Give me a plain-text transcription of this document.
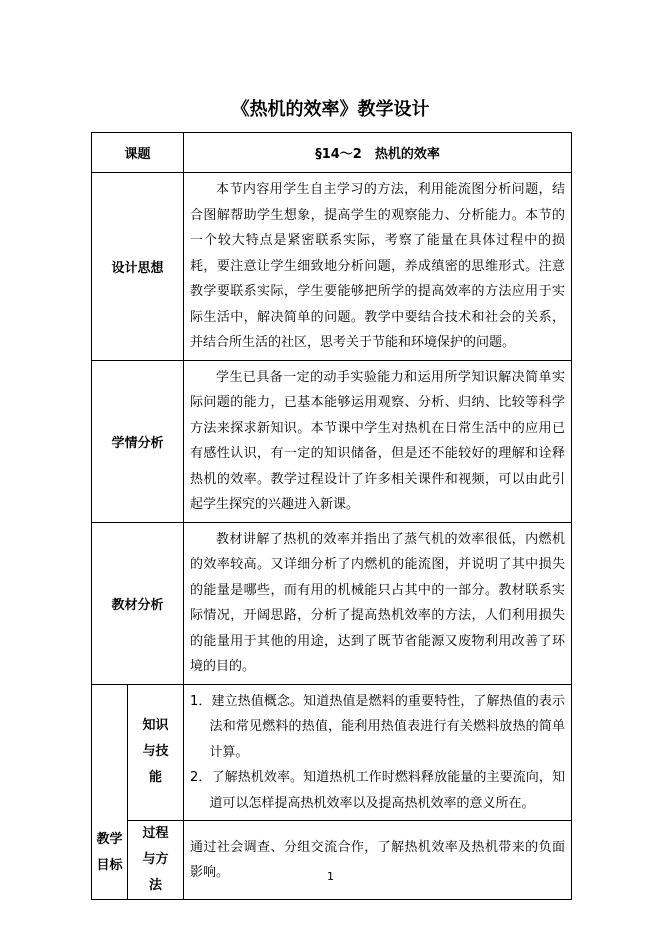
《热机的效率》教学设计
课题		§14～2　热机的效率
设计思想		本节内容用学生自主学习的方法，利用能流图分析问题，结合图解帮助学生想象，提高学生的观察能力、分析能力。本节的一个较大特点是紧密联系实际，考察了能量在具体过程中的损耗，要注意让学生细致地分析问题，养成缜密的思维形式。注意教学要联系实际，学生要能够把所学的提高效率的方法应用于实际生活中，解决简单的问题。教学中要结合技术和社会的关系，并结合所生活的社区，思考关于节能和环境保护的问题。

学情分析		学生已具备一定的动手实验能力和运用所学知识解决简单实际问题的能力，已基本能够运用观察、分析、归纳、比较等科学方法来探求新知识。本节课中学生对热机在日常生活中的应用已有感性认识，有一定的知识储备，但是还不能较好的理解和诠释热机的效率。教学过程设计了许多相关课件和视频，可以由此引起学生探究的兴趣进入新课。

教材分析		教材讲解了热机的效率并指出了蒸气机的效率很低，内燃机的效率较高。又详细分析了内燃机的能流图，并说明了其中损失的能量是哪些，而有用的机械能只占其中的一部分。教材联系实际情况，开阔思路，分析了提高热机效率的方法，人们利用损失的能量用于其他的用途，达到了既节省能源又废物利用改善了环境的目的。

教学目标	知识与技能	1．建立热值概念。知道热值是燃料的重要特性，了解热值的表示法和常见燃料的热值，能利用热值表进行有关燃料放热的简单计算。
2．了解热机效率。知道热机工作时燃料释放能量的主要流向，知道可以怎样提高热机效率以及提高热机效率的意义所在。

	过程与方法	通过社会调查、分组交流合作，了解热机效率及热机带来的负面影响。	1
